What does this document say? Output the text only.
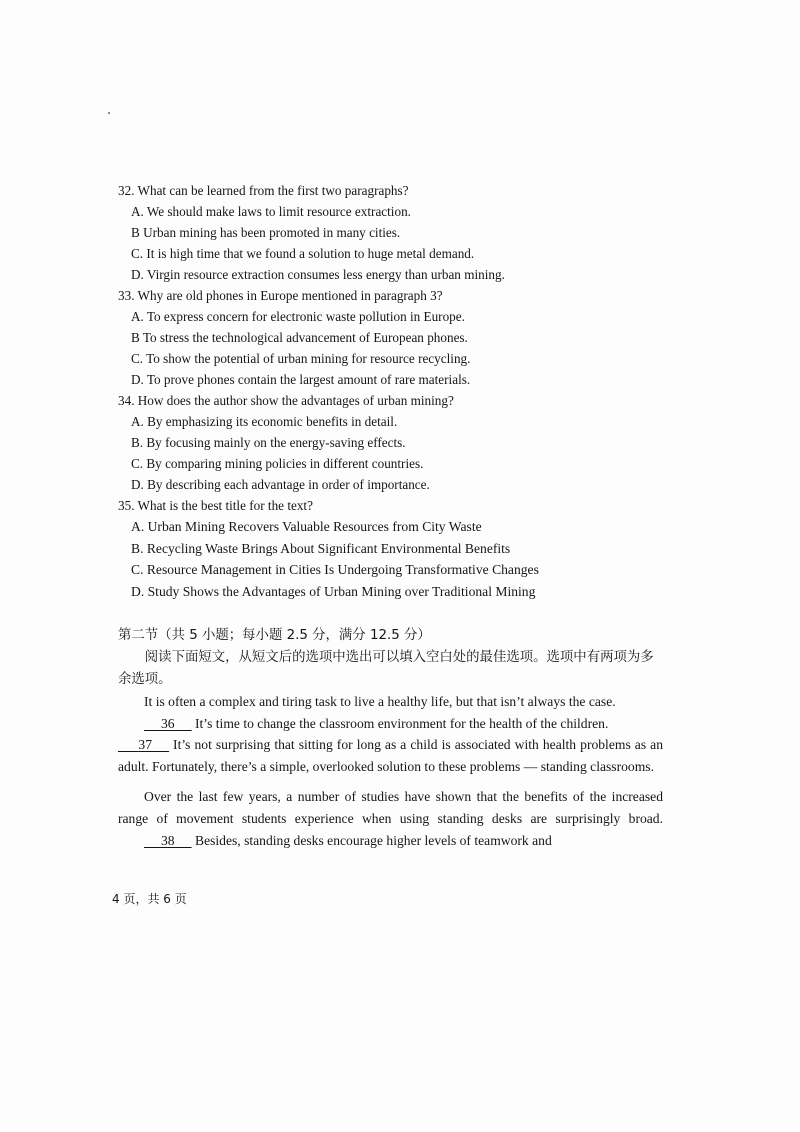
32. What can be learned from the first two paragraphs?
A. We should make laws to limit resource extraction.
B Urban mining has been promoted in many cities.
C. It is high time that we found a solution to huge metal demand.
D. Virgin resource extraction consumes less energy than urban mining.
33. Why are old phones in Europe mentioned in paragraph 3?
A. To express concern for electronic waste pollution in Europe.
B To stress the technological advancement of European phones.
C. To show the potential of urban mining for resource recycling.
D. To prove phones contain the largest amount of rare materials.
34. How does the author show the advantages of urban mining?
A. By emphasizing its economic benefits in detail.
B. By focusing mainly on the energy-saving effects.
C. By comparing mining policies in different countries.
D. By describing each advantage in order of importance.
35. What is the best title for the text?
A. Urban Mining Recovers Valuable Resources from City Waste
B. Recycling Waste Brings About Significant Environmental Benefits
C. Resource Management in Cities Is Undergoing Transformative Changes
D. Study Shows the Advantages of Urban Mining over Traditional Mining
第二节（共 5 小题；每小题 2.5 分，满分 12.5 分）

阅读下面短文，从短文后的选项中选出可以填入空白处的最佳选项。选项中有两项为多余选项。

It is often a complex and tiring task to live a healthy life, but that isn’t always the case.
36 It’s time to change the classroom environment for the health of the children.

37 It’s not surprising that sitting for long as a child is associated with health problems as an adult. Fortunately, there’s a simple, overlooked solution to these problems — standing classrooms.

Over the last few years, a number of studies have shown that the benefits of the increased range of movement students experience when using standing desks are surprisingly broad.      38 Besides, standing desks encourage higher levels of teamwork and

4 页，共 6 页
